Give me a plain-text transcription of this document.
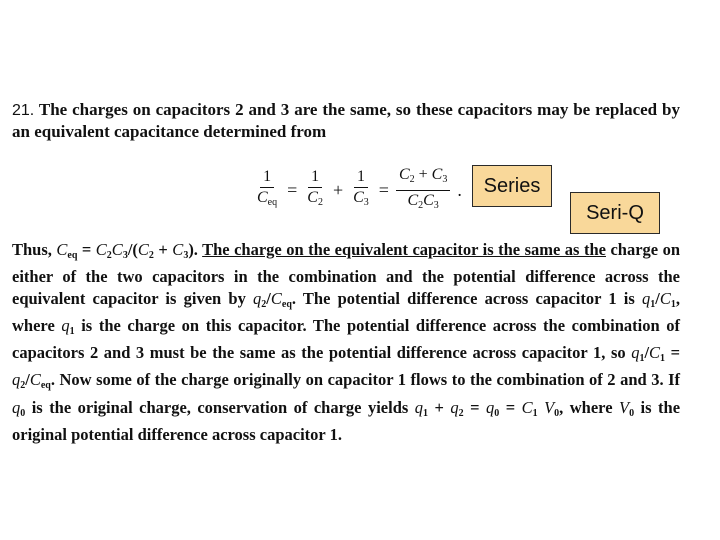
21. The charges on capacitors 2 and 3 are the same, so these capacitors may be replaced by an equivalent capacitance determined from
$\frac{1}{C_{eq}} = \frac{1}{C_2} + \frac{1}{C_3} = \frac{C_2 + C_3}{C_2C_3}$ .	Series
Seri-Q
Thus, $C_{eq} = C_2C_3/(C_2 + C_3)$. The charge on the equivalent capacitor is the same as the charge on either of the two capacitors in the combination and the potential difference across the equivalent capacitor is given by $q_2/C_{eq}$. The potential difference across capacitor 1 is $q_1/C_1$, where $q_1$ is the charge on this capacitor. The potential difference across the combination of capacitors 2 and 3 must be the same as the potential difference across capacitor 1, so $q_1/C_1 = q_2/C_{eq}$. Now some of the charge originally on capacitor 1 flows to the combination of 2 and 3. If $q_0$ is the original charge, conservation of charge yields $q_1 + q_2 = q_0 = C_1$ $V_0$, where $V_0$ is the original potential difference across capacitor 1.
